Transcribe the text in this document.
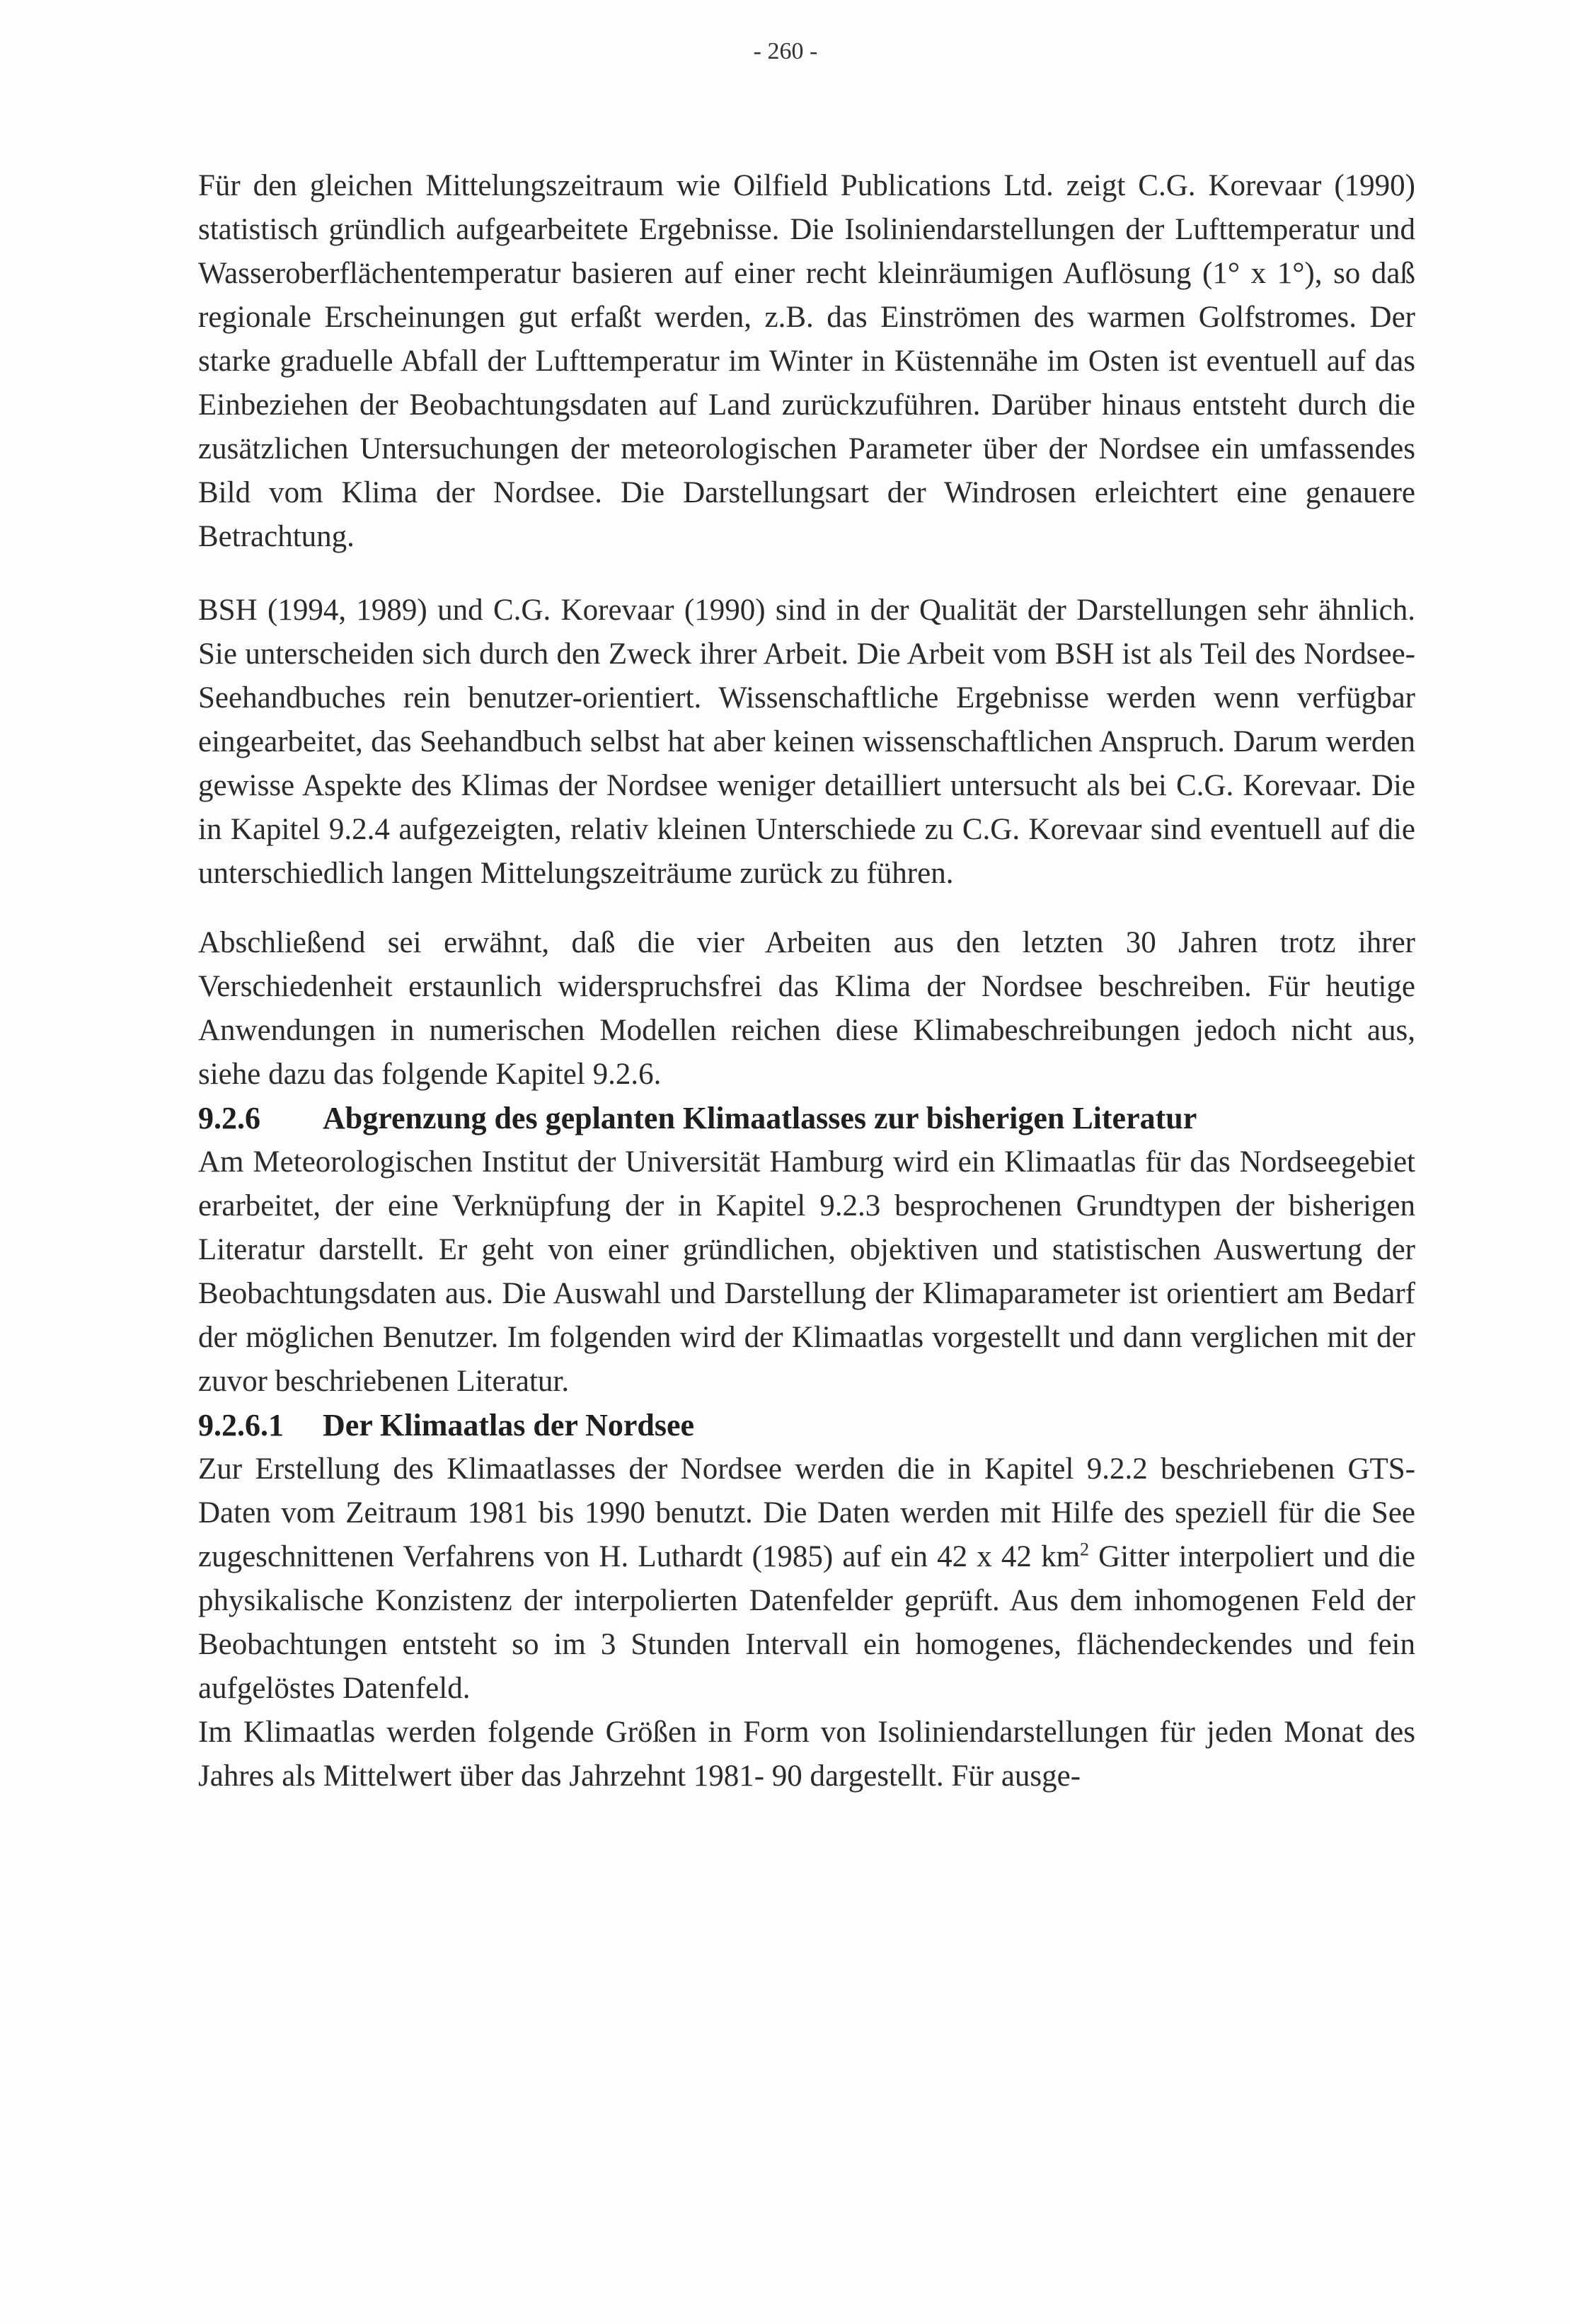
- 260 -

Für den gleichen Mittelungszeitraum wie Oilfield Publications Ltd. zeigt C.G. Korevaar (1990) statistisch gründlich aufgearbeitete Ergebnisse. Die Isoliniendarstellungen der Lufttemperatur und Wasseroberflächentemperatur basieren auf einer recht kleinräumigen Auflösung (1° x 1°), so daß regionale Erscheinungen gut erfaßt werden, z.B. das Einströmen des warmen Golfstromes. Der starke graduelle Abfall der Lufttemperatur im Winter in Küstennähe im Osten ist eventuell auf das Einbeziehen der Beobachtungsdaten auf Land zurückzuführen. Darüber hinaus entsteht durch die zusätzlichen Untersuchungen der meteorologischen Parameter über der Nordsee ein umfassendes Bild vom Klima der Nordsee. Die Darstellungsart der Windrosen erleichtert eine genauere Betrachtung.

BSH (1994, 1989) und C.G. Korevaar (1990) sind in der Qualität der Darstellungen sehr ähnlich. Sie unterscheiden sich durch den Zweck ihrer Arbeit. Die Arbeit vom BSH ist als Teil des Nordsee-Seehandbuches rein benutzer-orientiert. Wissenschaftliche Ergebnisse werden wenn verfügbar eingearbeitet, das Seehandbuch selbst hat aber keinen wissenschaftlichen Anspruch. Darum werden gewisse Aspekte des Klimas der Nordsee weniger detailliert untersucht als bei C.G. Korevaar. Die in Kapitel 9.2.4 aufgezeigten, relativ kleinen Unterschiede zu C.G. Korevaar sind eventuell auf die unterschiedlich langen Mittelungszeiträume zurück zu führen.

Abschließend sei erwähnt, daß die vier Arbeiten aus den letzten 30 Jahren trotz ihrer Verschiedenheit erstaunlich widerspruchsfrei das Klima der Nordsee beschreiben. Für heutige Anwendungen in numerischen Modellen reichen diese Klimabeschreibungen jedoch nicht aus, siehe dazu das folgende Kapitel 9.2.6.

9.2.6 Abgrenzung des geplanten Klimaatlasses zur bisherigen Literatur

Am Meteorologischen Institut der Universität Hamburg wird ein Klimaatlas für das Nordseegebiet erarbeitet, der eine Verknüpfung der in Kapitel 9.2.3 besprochenen Grundtypen der bisherigen Literatur darstellt. Er geht von einer gründlichen, objektiven und statistischen Auswertung der Beobachtungsdaten aus. Die Auswahl und Darstellung der Klimaparameter ist orientiert am Bedarf der möglichen Benutzer. Im folgenden wird der Klimaatlas vorgestellt und dann verglichen mit der zuvor beschriebenen Literatur.

9.2.6.1 Der Klimaatlas der Nordsee

Zur Erstellung des Klimaatlasses der Nordsee werden die in Kapitel 9.2.2 beschriebenen GTS-Daten vom Zeitraum 1981 bis 1990 benutzt. Die Daten werden mit Hilfe des speziell für die See zugeschnittenen Verfahrens von H. Luthardt (1985) auf ein 42 x 42 $km^2$ Gitter interpoliert und die physikalische Konzistenz der interpolierten Datenfelder geprüft. Aus dem inhomogenen Feld der Beobachtungen entsteht so im 3 Stunden Intervall ein homogenes, flächendeckendes und fein aufgelöstes Datenfeld.

Im Klimaatlas werden folgende Größen in Form von Isoliniendarstellungen für jeden Monat des Jahres als Mittelwert über das Jahrzehnt 1981- 90 dargestellt. Für ausge-
